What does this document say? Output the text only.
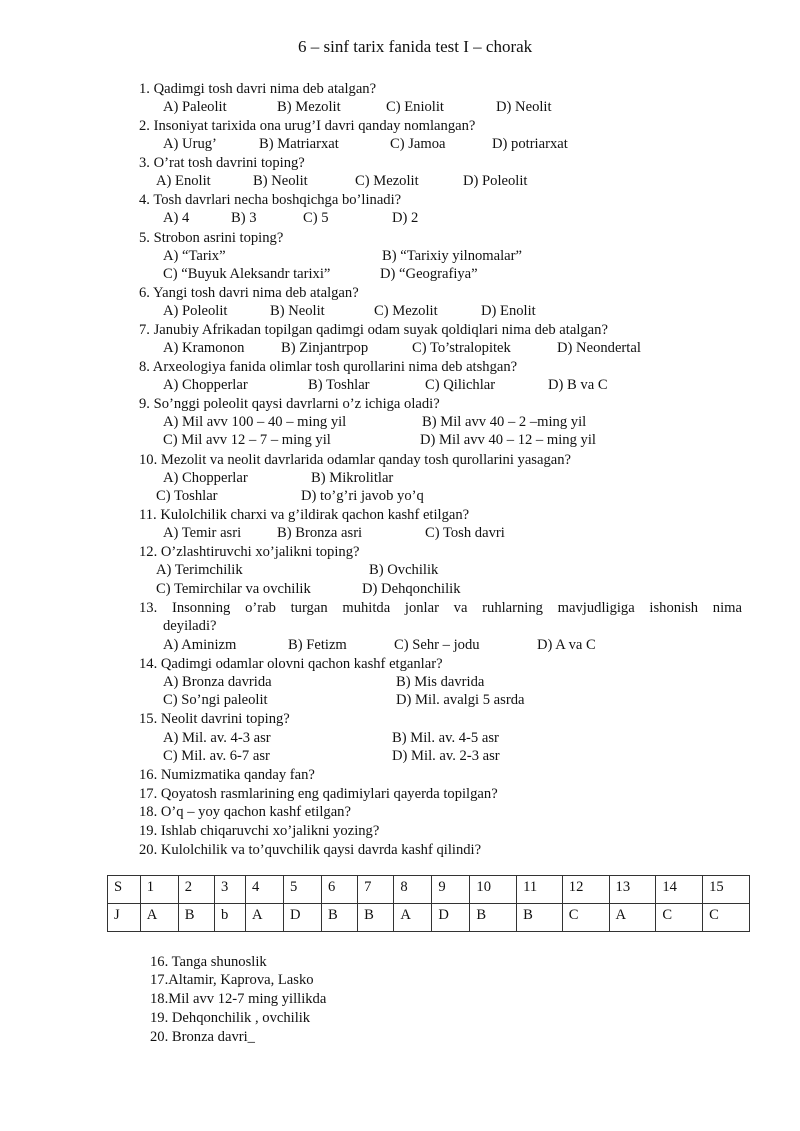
6 – sinf tarix fanida test I – chorak
1. Qadimgi tosh davri nima deb atalgan?
A) Paleolit	B) Mezolit	C) Eniolit	D) Neolit
2. Insoniyat tarixida ona urug’I davri qanday nomlangan?
A) Urug’	B) Matriarxat	C) Jamoa	D) potriarxat
3. O’rat tosh davrini toping?
A) Enolit	B) Neolit	C) Mezolit	D) Poleolit
4. Tosh davrlari necha boshqichga bo’linadi?
A) 4	B) 3	C) 5	D) 2
5. Strobon asrini toping?
A) “Tarix”	B) “Tarixiy yilnomalar”
C) “Buyuk Aleksandr tarixi”	D) “Geografiya”
6. Yangi tosh davri nima deb atalgan?
A) Poleolit	B) Neolit	C) Mezolit	D) Enolit
7. Janubiy Afrikadan topilgan qadimgi odam suyak qoldiqlari nima deb atalgan?
A) Kramonon	B) Zinjantrpop	C) To’stralopitek	D) Neondertal
8. Arxeologiya fanida olimlar tosh qurollarini nima deb atshgan?
A) Chopperlar	B) Toshlar	C) Qilichlar	D) B va C
9. So’nggi poleolit qaysi davrlarni o’z ichiga oladi?
A) Mil avv 100 – 40 – ming yil	B) Mil avv 40 – 2 –ming yil
C) Mil avv 12 – 7 – ming yil	D) Mil avv 40 – 12 – ming yil
10. Mezolit va neolit davrlarida odamlar qanday tosh qurollarini yasagan?
A) Chopperlar	B) Mikrolitlar
C) Toshlar	D) to’g’ri javob yo’q
11. Kulolchilik charxi va g’ildirak qachon kashf etilgan?
A) Temir asri B) Bronza asri	C) Tosh davri
12. O’zlashtiruvchi xo’jalikni toping?
A) Terimchilik	B) Ovchilik
C) Temirchilar va ovchilik	D) Dehqonchilik
13. Insonning o’rab turgan muhitda jonlar va ruhlarning mavjudligiga ishonish nima
deyiladi?
A) Aminizm	B) Fetizm	C) Sehr – jodu	D) A va C
14. Qadimgi odamlar olovni qachon kashf etganlar?
A) Bronza davrida	B) Mis davrida
C) So’ngi paleolit	D) Mil. avalgi 5 asrda
15. Neolit davrini toping?
A) Mil. av. 4-3 asr	B) Mil. av. 4-5 asr
C) Mil. av. 6-7 asr	D) Mil. av. 2-3 asr
16. Numizmatika qanday fan?
17. Qoyatosh rasmlarining eng qadimiylari qayerda topilgan?
18. O’q – yoy qachon kashf etilgan?
19. Ishlab chiqaruvchi xo’jalikni yozing?
20. Kulolchilik va to’quvchilik qaysi davrda kashf qilindi?
S	1	2	3	4	5	6	7	8	9	10	11	12	13	14	15
J	A	B	b	A	D	B	B	A	D	B	B	C	A	C	C
16. Tanga shunoslik
17.Altamir, Kaprova, Lasko
18.Mil avv 12-7 ming yillikda
19. Dehqonchilik , ovchilik
20. Bronza davri_
